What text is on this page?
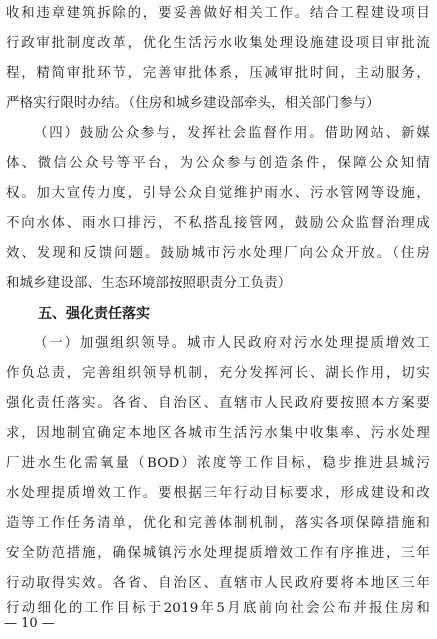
收和违章建筑拆除的，要妥善做好相关工作。结合工程建设项目
行政审批制度改革，优化生活污水收集处理设施建设项目审批流
程，精简审批环节，完善审批体系，压减审批时间，主动服务，
严格实行限时办结。（住房和城乡建设部牵头，相关部门参与）
（四）鼓励公众参与，发挥社会监督作用。借助网站、新媒
体、微信公众号等平台，为公众参与创造条件，保障公众知情
权。加大宣传力度，引导公众自觉维护雨水、污水管网等设施，
不向水体、雨水口排污，不私搭乱接管网，鼓励公众监督治理成
效、发现和反馈问题。鼓励城市污水处理厂向公众开放。（住房
和城乡建设部、生态环境部按照职责分工负责）
五、强化责任落实
（一）加强组织领导。城市人民政府对污水处理提质增效工
作负总责，完善组织领导机制，充分发挥河长、湖长作用，切实
强化责任落实。各省、自治区、直辖市人民政府要按照本方案要
求，因地制宜确定本地区各城市生活污水集中收集率、污水处理
厂进水生化需氧量（BOD）浓度等工作目标，稳步推进县城污
水处理提质增效工作。要根据三年行动目标要求，形成建设和改
造等工作任务清单，优化和完善体制机制，落实各项保障措施和
安全防范措施，确保城镇污水处理提质增效工作有序推进，三年
行动取得实效。各省、自治区、直辖市人民政府要将本地区三年
行动细化的工作目标于2019年5月底前向社会公布并报住房和
— 10 —
